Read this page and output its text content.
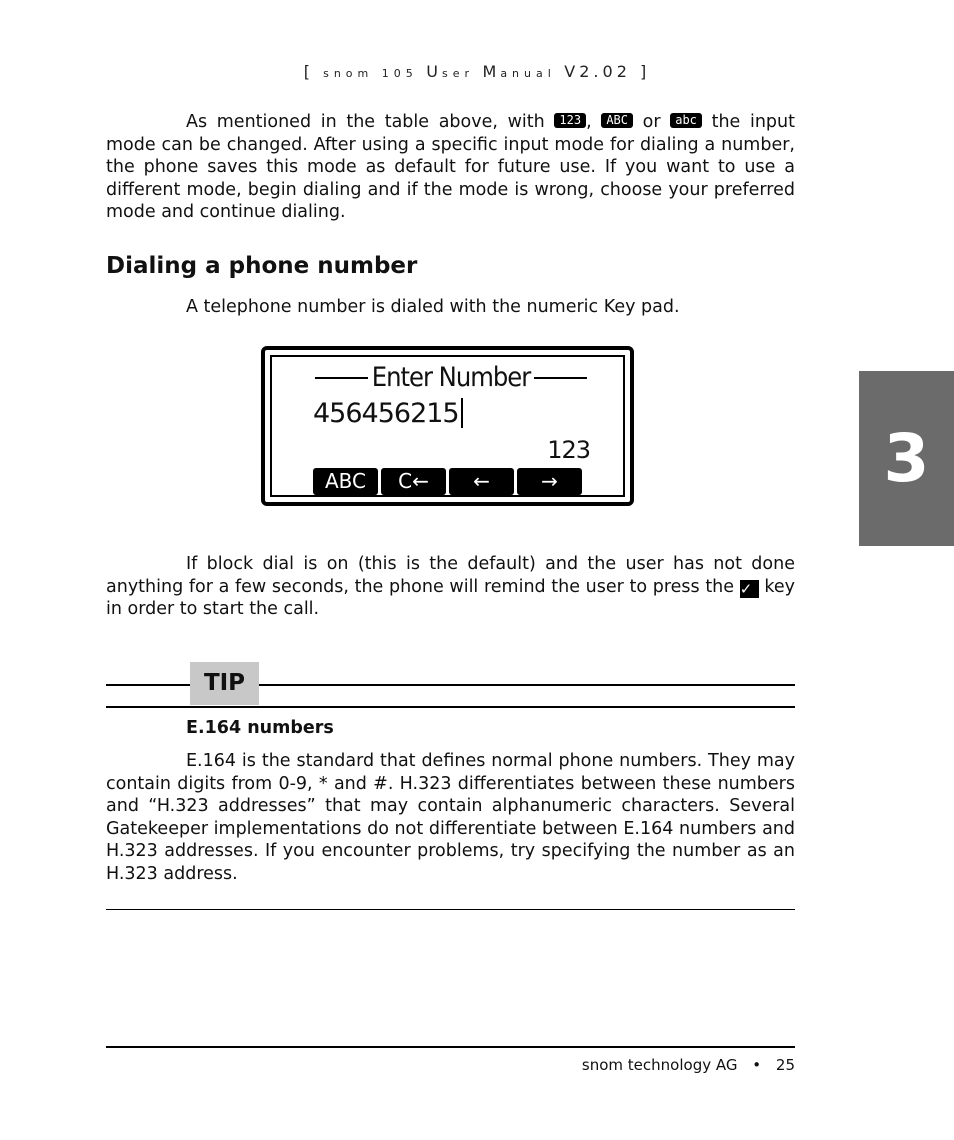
[ snom 105 User Manual V2.02 ]

As mentioned in the table above, with 123 , ABC or abc the input mode can be changed. After using a specific input mode for dialing a number, the phone saves this mode as default for future use. If you want to use a different mode, begin dialing and if the mode is wrong, choose your preferred mode and continue dialing.

Dialing a phone number

A telephone number is dialed with the numeric Key pad.

Enter Number
456456215
123
ABC	C←	←	→

If block dial is on (this is the default) and the user has not done anything for a few seconds, the phone will remind the user to press the ✓ key in order to start the call.

TIP
E.164 numbers

E.164 is the standard that defines normal phone numbers. They may contain digits from 0-9, * and #. H.323 differentiates between these numbers and “H.323 addresses” that may contain alphanumeric characters. Several Gatekeeper implementations do not differentiate between E.164 numbers and H.323 addresses. If you encounter problems, try specifying the number as an H.323 address.

3
snom technology AG • 25
